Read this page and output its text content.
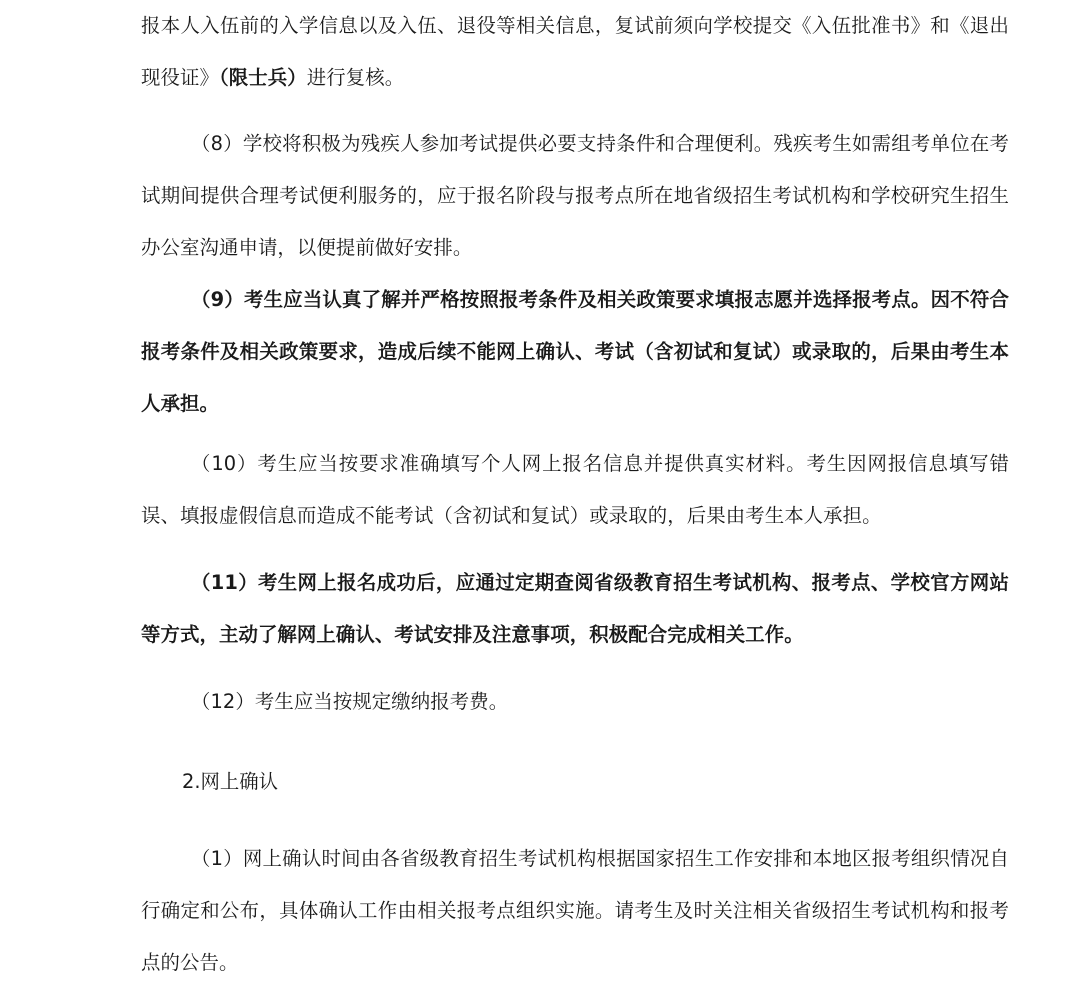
报本人入伍前的入学信息以及入伍、退役等相关信息，复试前须向学校提交《入伍批准书》和《退出现役证》（限士兵）进行复核。

（8）学校将积极为残疾人参加考试提供必要支持条件和合理便利。残疾考生如需组考单位在考试期间提供合理考试便利服务的，应于报名阶段与报考点所在地省级招生考试机构和学校研究生招生办公室沟通申请，以便提前做好安排。

（9）考生应当认真了解并严格按照报考条件及相关政策要求填报志愿并选择报考点。因不符合报考条件及相关政策要求，造成后续不能网上确认、考试（含初试和复试）或录取的，后果由考生本人承担。

（10）考生应当按要求准确填写个人网上报名信息并提供真实材料。考生因网报信息填写错误、填报虚假信息而造成不能考试（含初试和复试）或录取的，后果由考生本人承担。

（11）考生网上报名成功后，应通过定期查阅省级教育招生考试机构、报考点、学校官方网站等方式，主动了解网上确认、考试安排及注意事项，积极配合完成相关工作。

（12）考生应当按规定缴纳报考费。

2.网上确认

（1）网上确认时间由各省级教育招生考试机构根据国家招生工作安排和本地区报考组织情况自行确定和公布，具体确认工作由相关报考点组织实施。请考生及时关注相关省级招生考试机构和报考点的公告。
